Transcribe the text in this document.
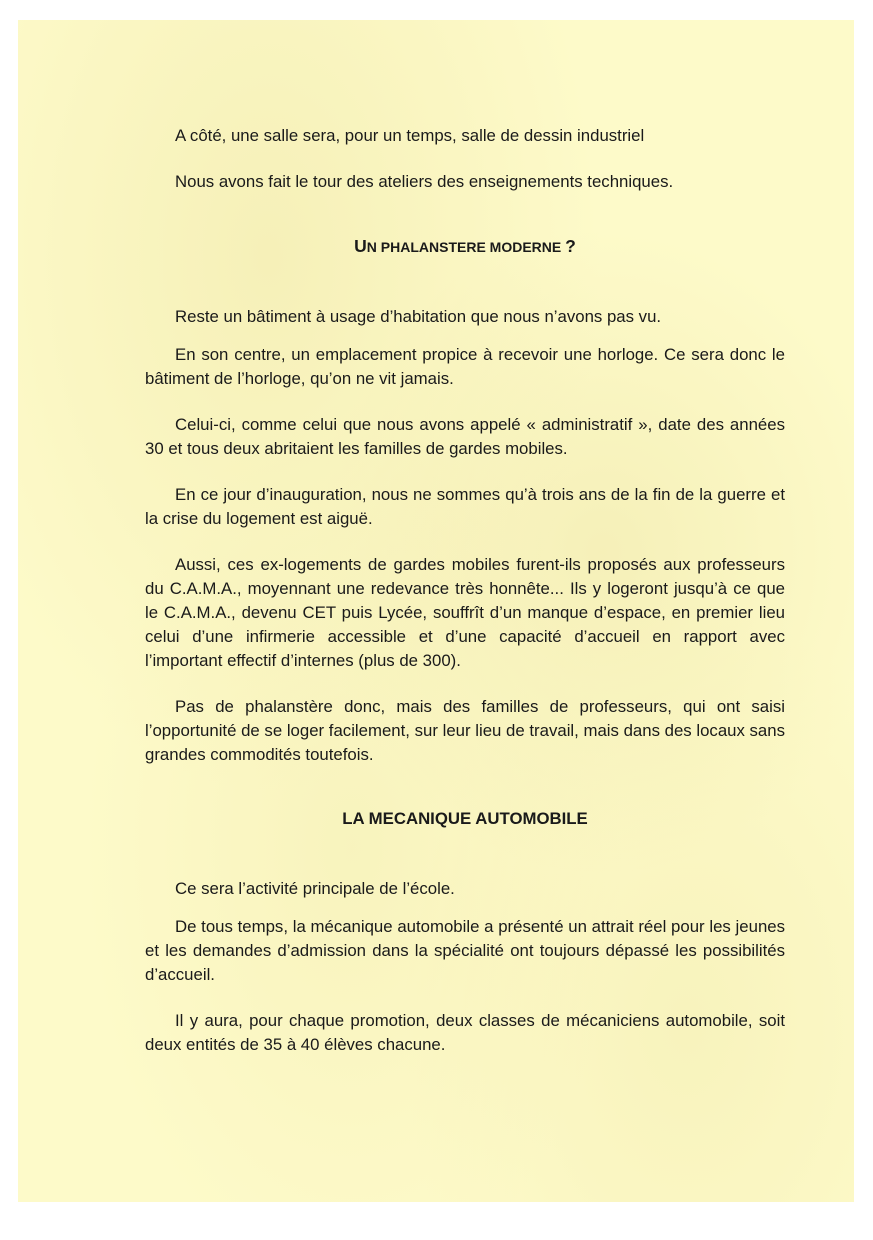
A côté, une salle sera, pour un temps, salle de dessin industriel

Nous avons fait le tour des ateliers des enseignements techniques.

UN PHALANSTERE MODERNE ?

Reste un bâtiment à usage d’habitation que nous n’avons pas vu.

En son centre, un emplacement propice à recevoir une horloge. Ce sera donc le bâtiment de l’horloge, qu’on ne vit jamais.

Celui-ci, comme celui que nous avons appelé « administratif », date des années 30 et tous deux abritaient les familles de gardes mobiles.

En ce jour d’inauguration, nous ne sommes qu’à trois ans de la fin de la guerre et la crise du logement est aiguë.

Aussi, ces ex-logements de gardes mobiles furent-ils proposés aux professeurs du C.A.M.A., moyennant une redevance très honnête... Ils y logeront jusqu’à ce que le C.A.M.A., devenu CET puis Lycée, souffrît d’un manque d’espace, en premier lieu celui d’une infirmerie accessible et d’une capacité d’accueil en rapport avec l’important effectif d’internes (plus de 300).

Pas de phalanstère donc, mais des familles de professeurs, qui ont saisi l’opportunité de se loger facilement, sur leur lieu de travail, mais dans des locaux sans grandes commodités toutefois.

LA MECANIQUE AUTOMOBILE

Ce sera l’activité principale de l’école.

De tous temps, la mécanique automobile a présenté un attrait réel pour les jeunes et les demandes d’admission dans la spécialité ont toujours dépassé les possibilités d’accueil.

Il y aura, pour chaque promotion, deux classes de mécaniciens automobile, soit deux entités de 35 à 40 élèves chacune.
